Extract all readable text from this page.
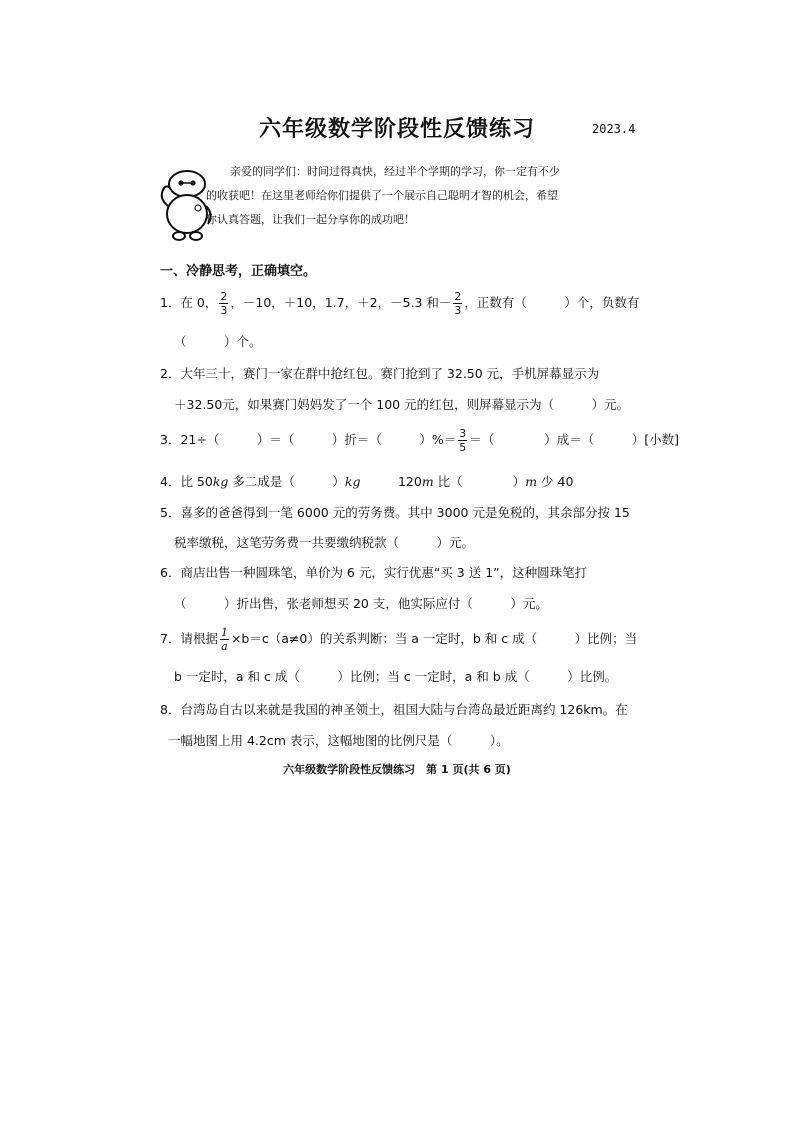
六年级数学阶段性反馈练习	2023.4
亲爱的同学们：时间过得真快，经过半个学期的学习，你一定有不少
的收获吧！在这里老师给你们提供了一个展示自己聪明才智的机会，希望
你认真答题，让我们一起分享你的成功吧！
一、冷静思考，正确填空。
1．在 0， $\frac{2}{3}$ ，－10，＋10，1.7，＋2，－5.3 和－ $\frac{2}{3}$ ，正数有（　　　）个，负数有
（　　　）个。
2．大年三十，赛门一家在群中抢红包。赛门抢到了 32.50 元，手机屏幕显示为
＋32.50元，如果赛门妈妈发了一个 100 元的红包，则屏幕显示为（　　　）元。
3．21÷（　　　）＝（　　　）折＝（　　　）%＝ $\frac{3}{5}$ ＝（　　　　）成＝（　　　）[小数]
4．比 50kg 多二成是（　　　）kg　　　120m 比（　　　　）m 少 40
5．喜多的爸爸得到一笔 6000 元的劳务费。其中 3000 元是免税的，其余部分按 15
税率缴税，这笔劳务费一共要缴纳税款（　　　）元。
6．商店出售一种圆珠笔，单价为 6 元，实行优惠“买 3 送 1”，这种圆珠笔打
（　　　）折出售，张老师想买 20 支，他实际应付（　　　）元。
7．请根据 $\frac{1}{a} \times b=c(a\ne 0)$的关系判断：当 a 一定时，b 和 c 成（　　　）比例；当
b 一定时，a 和 c 成（　　　）比例；当 c 一定时，a 和 b 成（　　　）比例。
8．台湾岛自古以来就是我国的神圣领土，祖国大陆与台湾岛最近距离约 126km。在
一幅地图上用 4.2cm 表示，这幅地图的比例尺是（　　　）。
六年级数学阶段性反馈练习　第 1 页(共 6 页)
